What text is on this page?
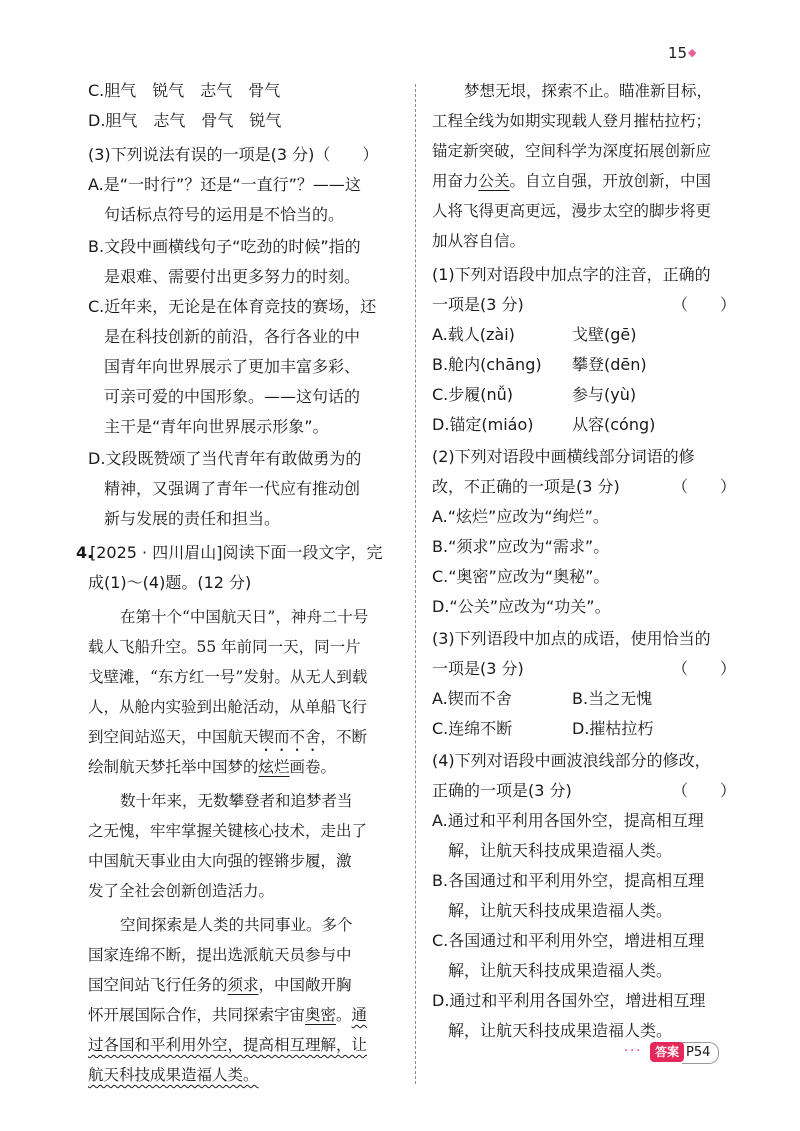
15 ◆
C.胆气　锐气　志气　骨气
D.胆气　志气　骨气　锐气
(3)下列说法有误的一项是(3 分)（　　）
A.是“一时行”？还是“一直行”？——这
句话标点符号的运用是不恰当的。
B.文段中画横线句子“吃劲的时候”指的
是艰难、需要付出更多努力的时刻。
C.近年来，无论是在体育竞技的赛场，还
是在科技创新的前沿，各行各业的中
国青年向世界展示了更加丰富多彩、
可亲可爱的中国形象。——这句话的
主干是“青年向世界展示形象”。
D.文段既赞颂了当代青年有敢做勇为的
精神，又强调了青年一代应有推动创
新与发展的责任和担当。
4.
[2025 · 四川眉山]阅读下面一段文字，完
成(1)～(4)题。(12 分)
在第十个“中国航天日”，神舟二十号
载人飞船升空。55 年前同一天，同一片
戈壁滩，“东方红一号”发射。从无人到载
人，从舱内实验到出舱活动，从单船飞行
到空间站巡天，中国航天锲而不舍，不断
绘制航天梦托举中国梦的炫烂画卷。
数十年来，无数攀登者和追梦者当
之无愧，牢牢掌握关键核心技术，走出了
中国航天事业由大向强的铿锵步履，激
发了全社会创新创造活力。
空间探索是人类的共同事业。多个
国家连绵不断，提出选派航天员参与中
国空间站飞行任务的须求，中国敞开胸
怀开展国际合作，共同探索宇宙奥密。通
过各国和平利用外空，提高相互理解，让
航天科技成果造福人类。
梦想无垠，探索不止。瞄准新目标，
工程全线为如期实现载人登月摧枯拉朽；
锚定新突破，空间科学为深度拓展创新应
用奋力公关。自立自强，开放创新，中国
人将飞得更高更远，漫步太空的脚步将更
加从容自信。
(1)下列对语段中加点字的注音，正确的
一项是(3 分)	（　　）
A.载人(zài)	戈壁(gē)
B.舱内(chāng) 攀登(dēn)
C.步履(nǚ)	参与(yù)
D.锚定(miáo) 从容(cóng)
(2)下列对语段中画横线部分词语的修
改，不正确的一项是(3 分)	（　　）
A.“炫烂”应改为“绚烂”。
B.“须求”应改为“需求”。
C.“奥密”应改为“奥秘”。
D.“公关”应改为“功关”。
(3)下列语段中加点的成语，使用恰当的
一项是(3 分)	（　　）
A.锲而不舍	B.当之无愧
C.连绵不断	D.摧枯拉朽
(4)下列对语段中画波浪线部分的修改，
正确的一项是(3 分)	（　　）
A.通过和平利用各国外空，提高相互理
解，让航天科技成果造福人类。
B.各国通过和平利用外空，提高相互理
解，让航天科技成果造福人类。
C.各国通过和平利用外空，增进相互理
解，让航天科技成果造福人类。
D.通过和平利用各国外空，增进相互理
解，让航天科技成果造福人类。
···	答案 P54
